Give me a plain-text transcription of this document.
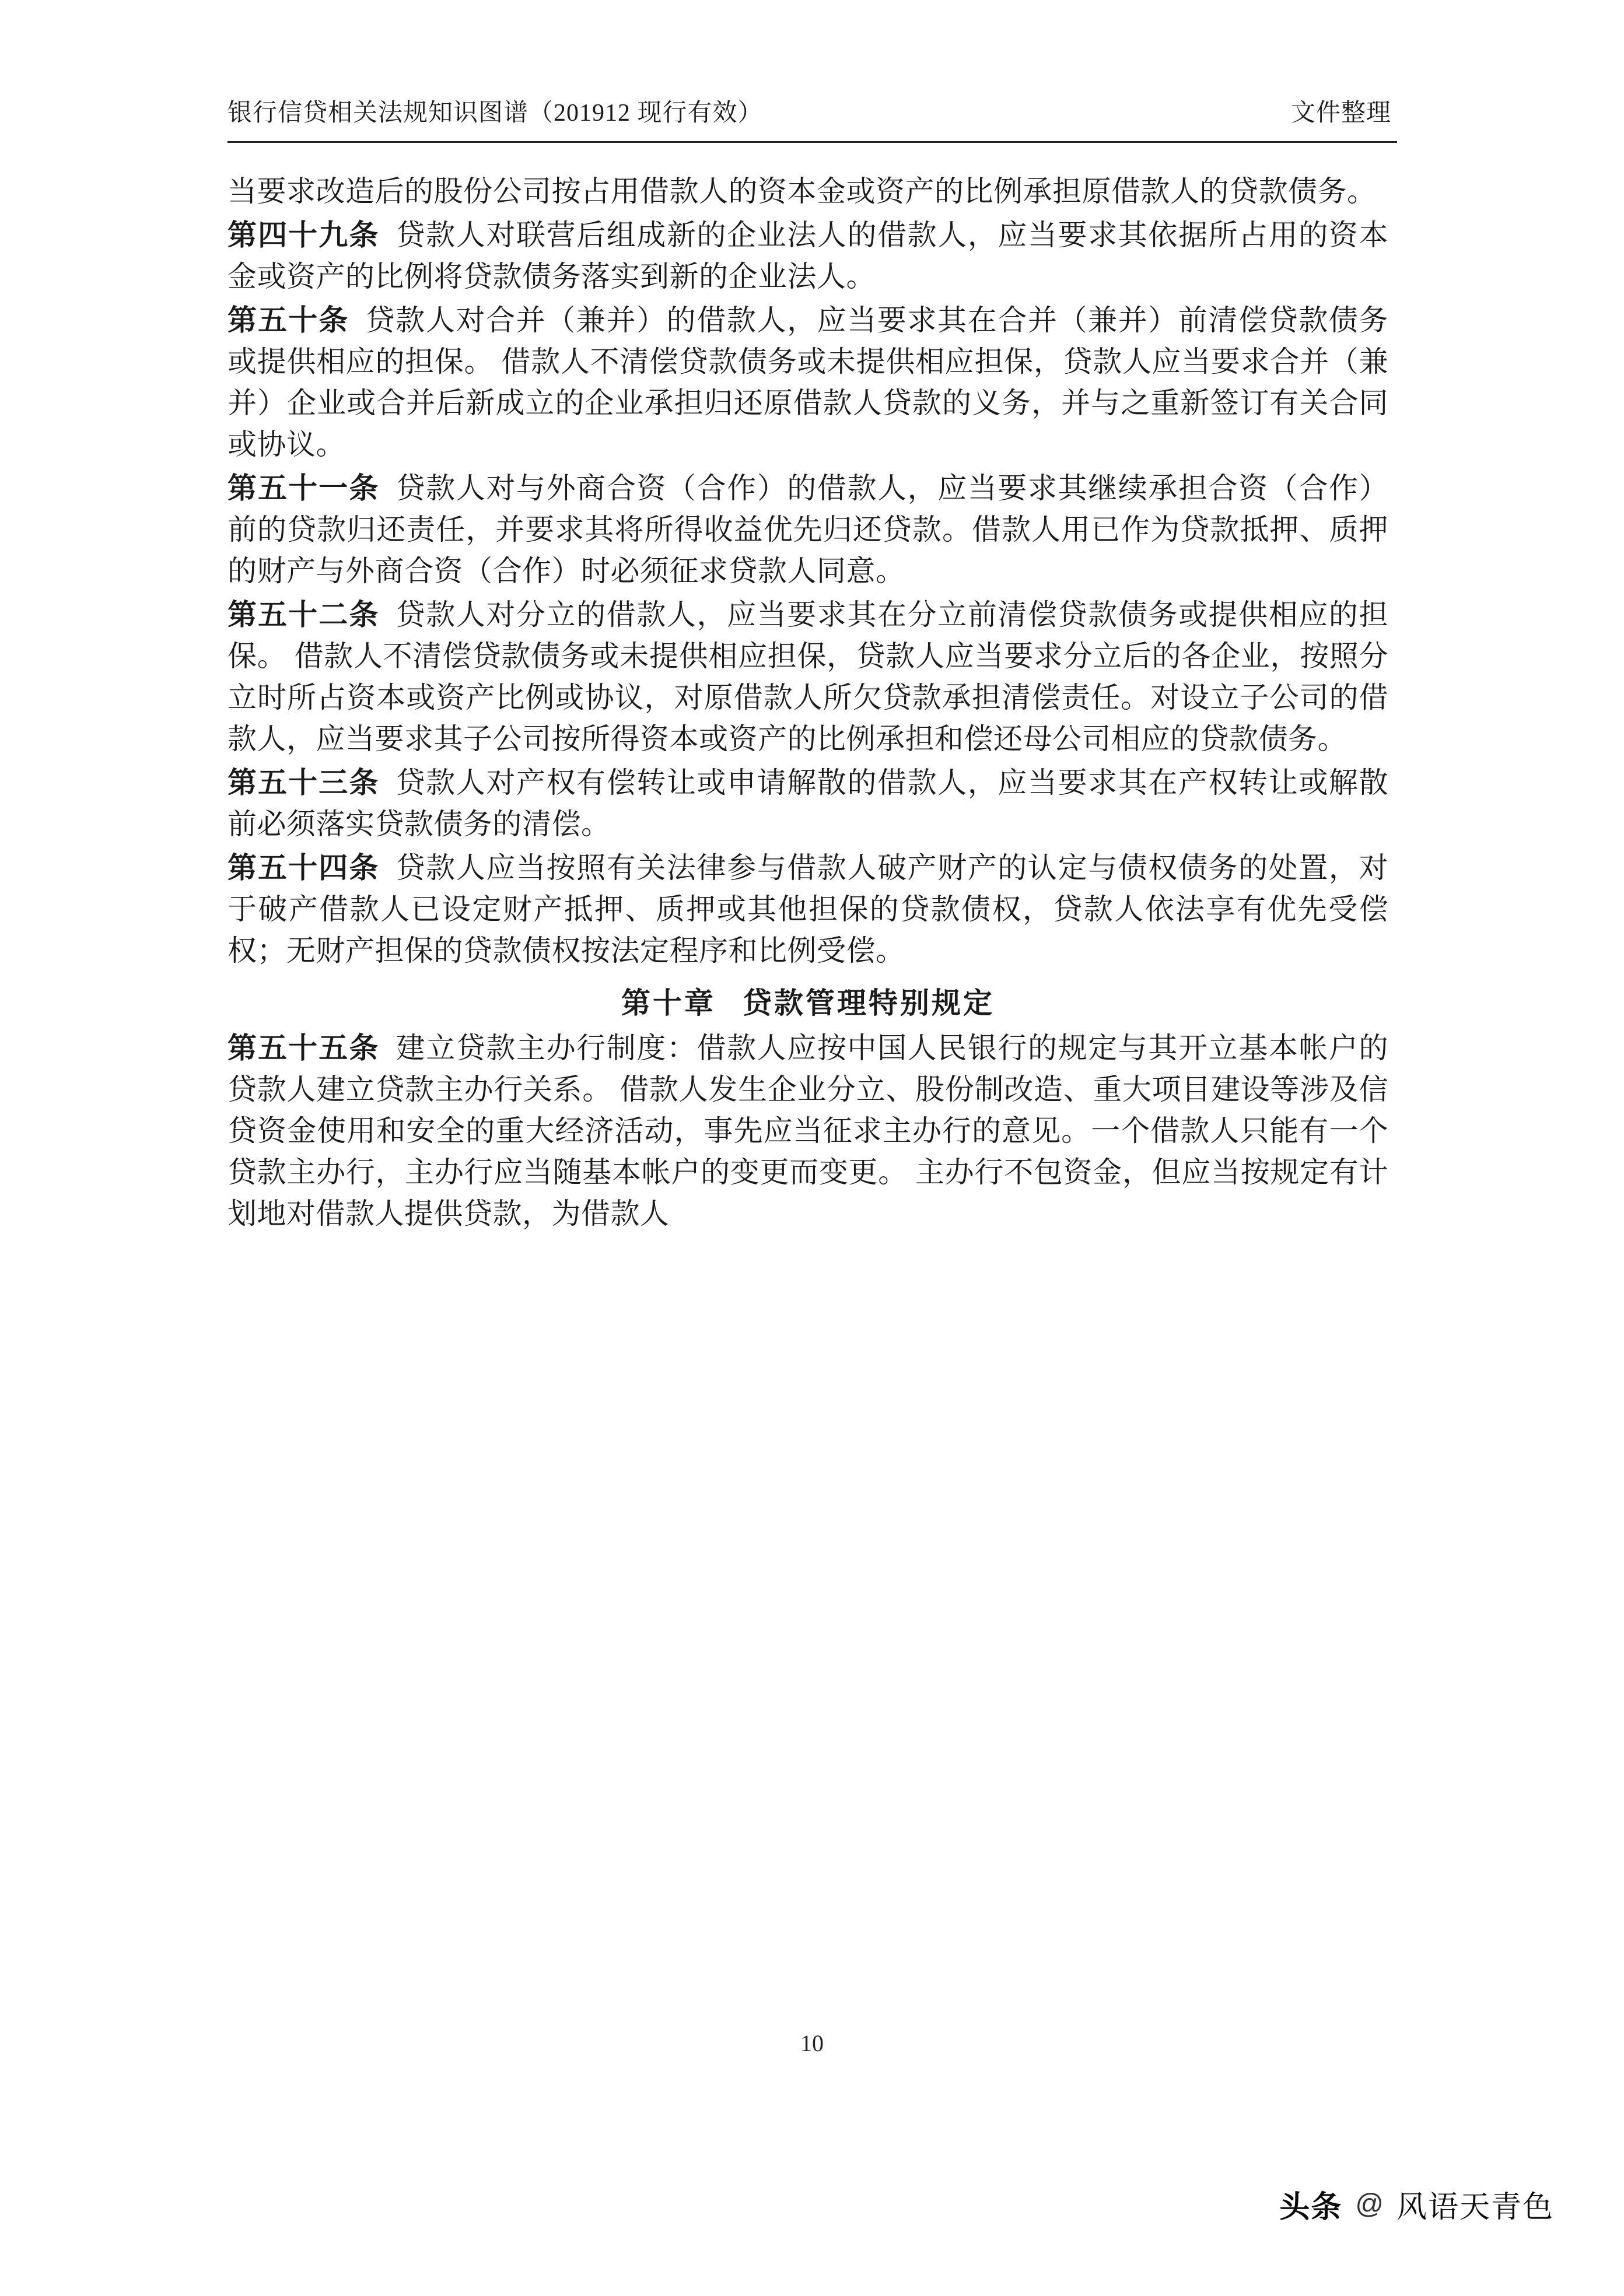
银行信贷相关法规知识图谱（201912 现行有效）	文件整理

当要求改造后的股份公司按占用借款人的资本金或资产的比例承担原借款人的贷款债务。

第四十九条 贷款人对联营后组成新的企业法人的借款人，应当要求其依据所占用的资本金或资产的比例将贷款债务落实到新的企业法人。

第五十条 贷款人对合并（兼并）的借款人，应当要求其在合并（兼并）前清偿贷款债务或提供相应的担保。 借款人不清偿贷款债务或未提供相应担保，贷款人应当要求合并（兼并）企业或合并后新成立的企业承担归还原借款人贷款的义务，并与之重新签订有关合同或协议。

第五十一条 贷款人对与外商合资（合作）的借款人，应当要求其继续承担合资（合作）前的贷款归还责任，并要求其将所得收益优先归还贷款。借款人用已作为贷款抵押、质押的财产与外商合资（合作）时必须征求贷款人同意。

第五十二条 贷款人对分立的借款人，应当要求其在分立前清偿贷款债务或提供相应的担保。 借款人不清偿贷款债务或未提供相应担保，贷款人应当要求分立后的各企业，按照分立时所占资本或资产比例或协议，对原借款人所欠贷款承担清偿责任。对设立子公司的借款人，应当要求其子公司按所得资本或资产的比例承担和偿还母公司相应的贷款债务。

第五十三条 贷款人对产权有偿转让或申请解散的借款人，应当要求其在产权转让或解散前必须落实贷款债务的清偿。

第五十四条 贷款人应当按照有关法律参与借款人破产财产的认定与债权债务的处置，对于破产借款人已设定财产抵押、质押或其他担保的贷款债权，贷款人依法享有优先受偿权；无财产担保的贷款债权按法定程序和比例受偿。

第十章 贷款管理特别规定

第五十五条 建立贷款主办行制度：借款人应按中国人民银行的规定与其开立基本帐户的贷款人建立贷款主办行关系。 借款人发生企业分立、股份制改造、重大项目建设等涉及信贷资金使用和安全的重大经济活动，事先应当征求主办行的意见。一个借款人只能有一个贷款主办行，主办行应当随基本帐户的变更而变更。 主办行不包资金，但应当按规定有计划地对借款人提供贷款，为借款人

10
头条 @ 风语天青色
